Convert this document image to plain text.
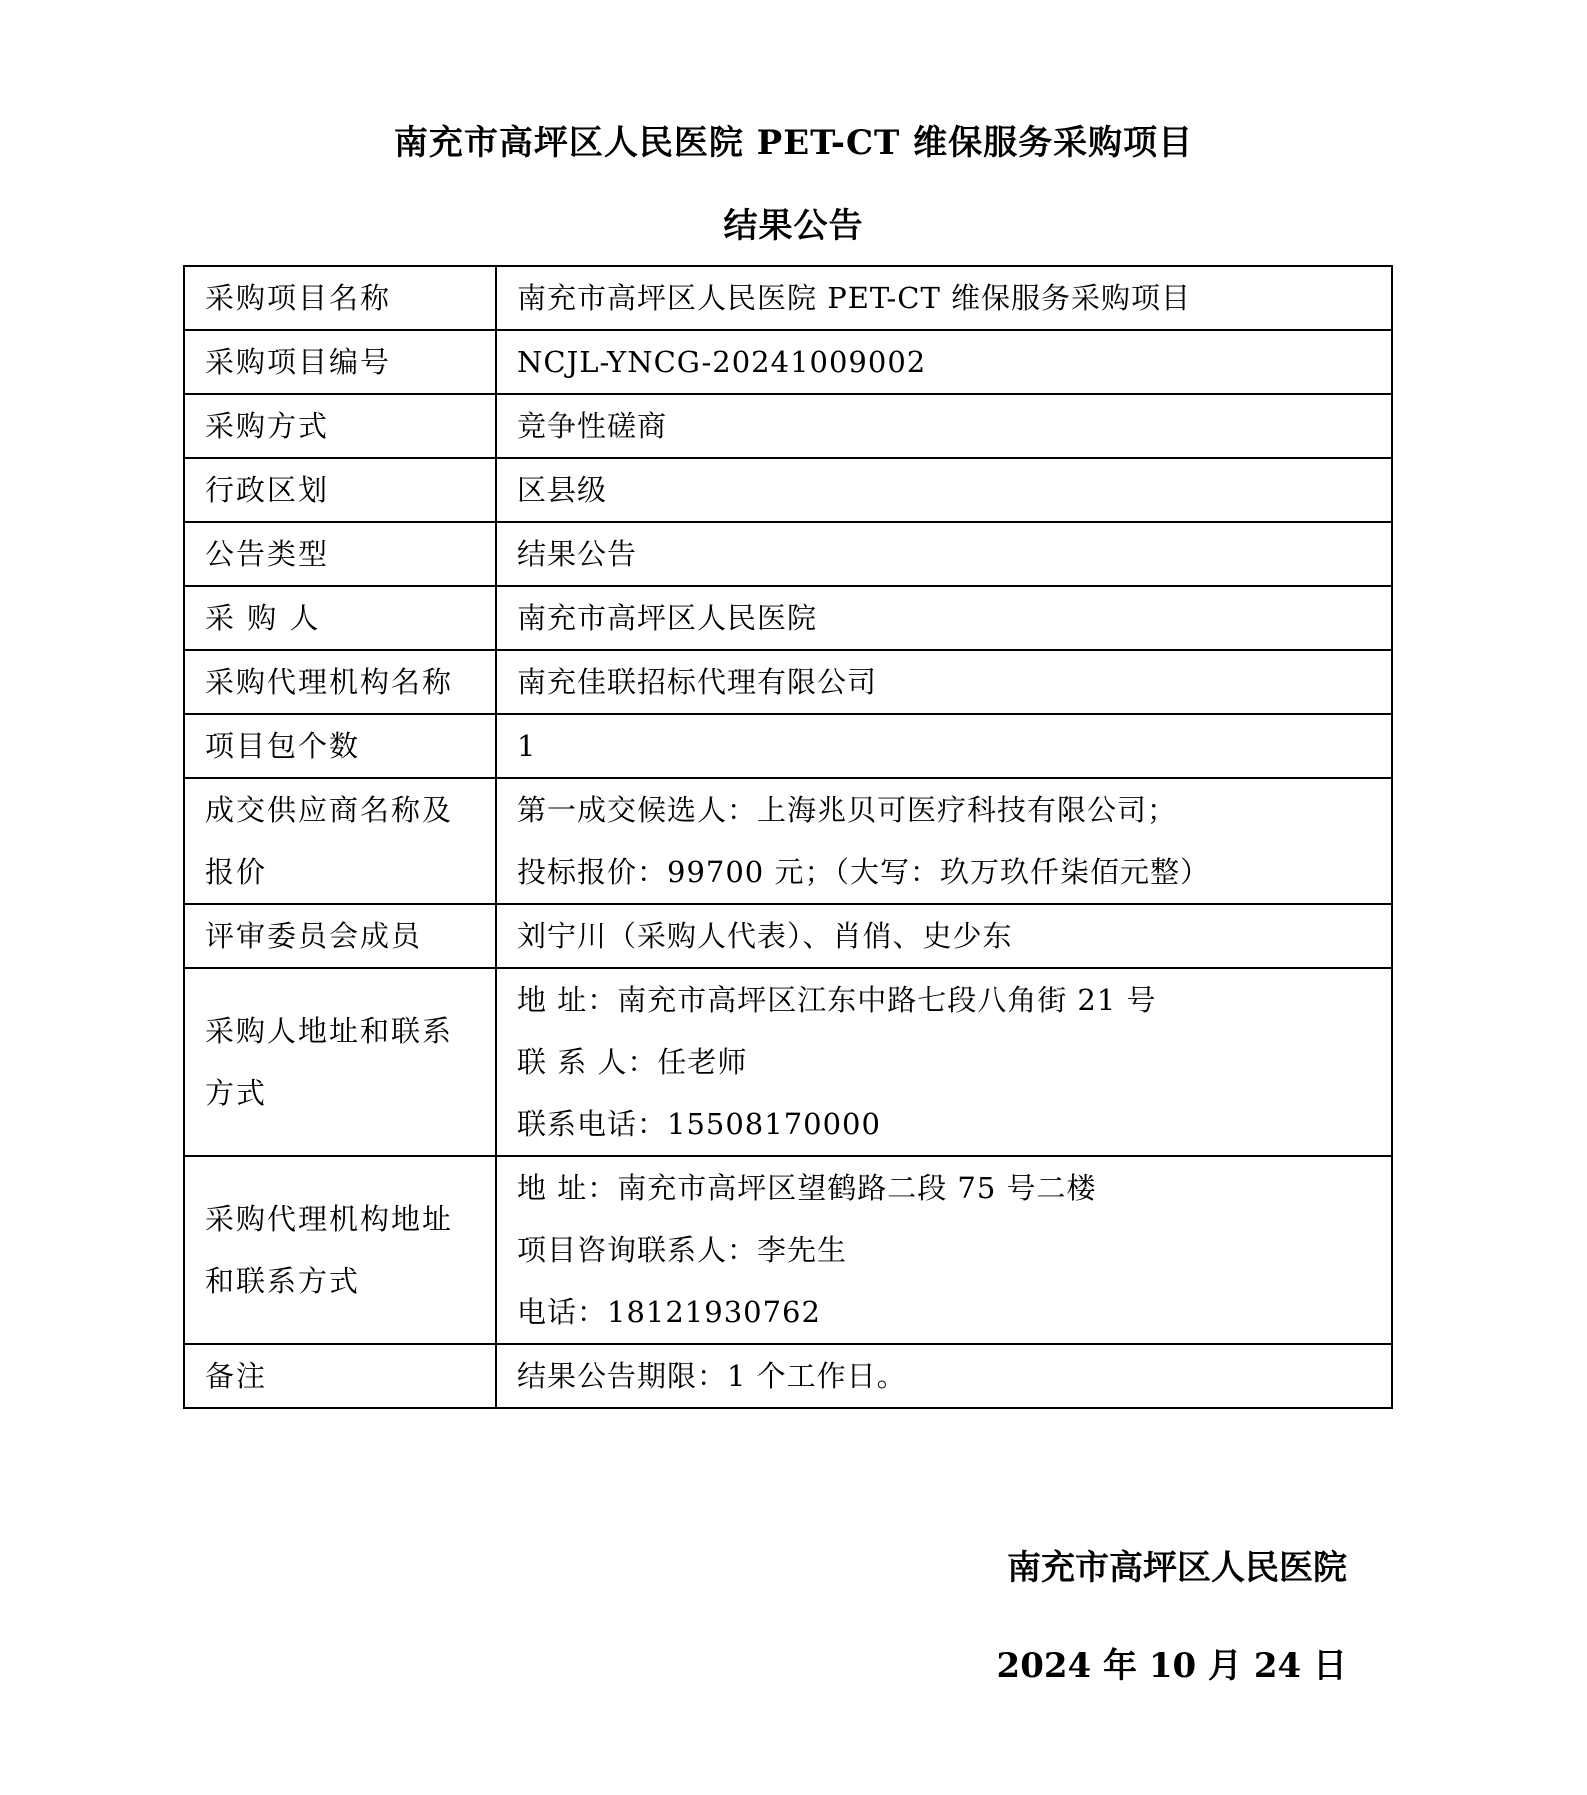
南充市高坪区人民医院 PET-CT 维保服务采购项目
结果公告
采购项目名称	南充市高坪区人民医院 PET-CT 维保服务采购项目
采购项目编号	NCJL-YNCG-20241009002
采购方式	竞争性磋商
行政区划	区县级
公告类型	结果公告
采 购 人	南充市高坪区人民医院
采购代理机构名称	南充佳联招标代理有限公司
项目包个数	1

成交供应商名称及
报价	第一成交候选人：上海兆贝可医疗科技有限公司；
投标报价：99700 元；（大写：玖万玖仟柒佰元整）

评审委员会成员	刘宁川（采购人代表）、肖俏、史少东

采购人地址和联系
方式	地 址：南充市高坪区江东中路七段八角街 21 号
联 系 人：任老师
联系电话：15508170000

采购代理机构地址
和联系方式	地 址：南充市高坪区望鹤路二段 75 号二楼
项目咨询联系人：李先生
电话：18121930762

备注	结果公告期限：1 个工作日。
南充市高坪区人民医院
2024 年 10 月 24 日
